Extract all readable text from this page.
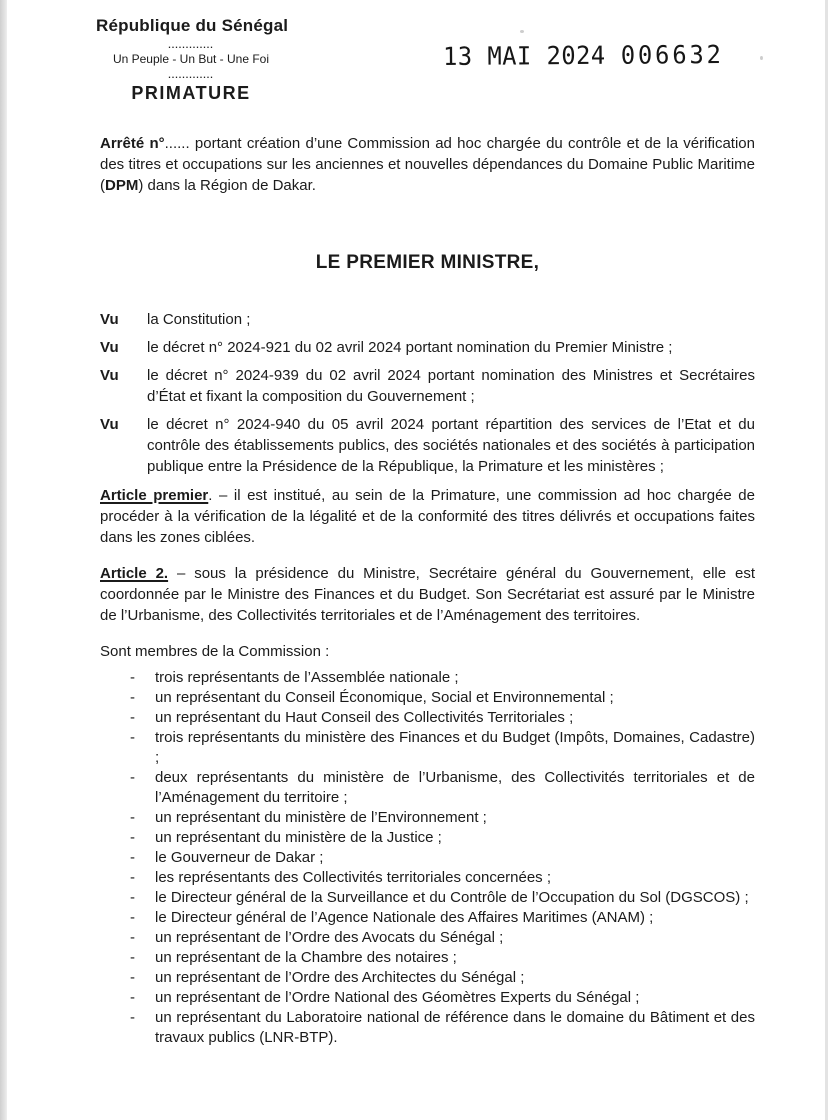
République du Sénégal
.............
Un Peuple - Un But - Une Foi
.............
PRIMATURE
13 MAI 2024 006632

Arrêté n°...... portant création d’une Commission ad hoc chargée du contrôle et de la vérification des titres et occupations sur les anciennes et nouvelles dépendances du Domaine Public Maritime (DPM) dans la Région de Dakar.

LE PREMIER MINISTRE,
Vu	la Constitution ;
Vu	le décret n° 2024-921 du 02 avril 2024 portant nomination du Premier Ministre ;
Vu	le décret n° 2024-939 du 02 avril 2024 portant nomination des Ministres et Secrétaires d’État et fixant la composition du Gouvernement ;
Vu	le décret n° 2024-940 du 05 avril 2024 portant répartition des services de l’Etat et du contrôle des établissements publics, des sociétés nationales et des sociétés à participation publique entre la Présidence de la République, la Primature et les ministères ;

Article premier. – il est institué, au sein de la Primature, une commission ad hoc chargée de procéder à la vérification de la légalité et de la conformité des titres délivrés et occupations faites dans les zones ciblées.

Article 2. – sous la présidence du Ministre, Secrétaire général du Gouvernement, elle est coordonnée par le Ministre des Finances et du Budget. Son Secrétariat est assuré par le Ministre de l’Urbanisme, des Collectivités territoriales et de l’Aménagement des territoires.

Sont membres de la Commission :
-	trois représentants de l’Assemblée nationale ;
-	un représentant du Conseil Économique, Social et Environnemental ;
-	un représentant du Haut Conseil des Collectivités Territoriales ;
-	trois représentants du ministère des Finances et du Budget (Impôts, Domaines, Cadastre) ;
-	deux représentants du ministère de l’Urbanisme, des Collectivités territoriales et de l’Aménagement du territoire ;
-	un représentant du ministère de l’Environnement ;
-	un représentant du ministère de la Justice ;
-	le Gouverneur de Dakar ;
-	les représentants des Collectivités territoriales concernées ;
-	le Directeur général de la Surveillance et du Contrôle de l’Occupation du Sol (DGSCOS) ;
-	le Directeur général de l’Agence Nationale des Affaires Maritimes (ANAM) ;
-	un représentant de l’Ordre des Avocats du Sénégal ;
-	un représentant de la Chambre des notaires ;
-	un représentant de l’Ordre des Architectes du Sénégal ;
-	un représentant de l’Ordre National des Géomètres Experts du Sénégal ;
-	un représentant du Laboratoire national de référence dans le domaine du Bâtiment et des travaux publics (LNR-BTP).
